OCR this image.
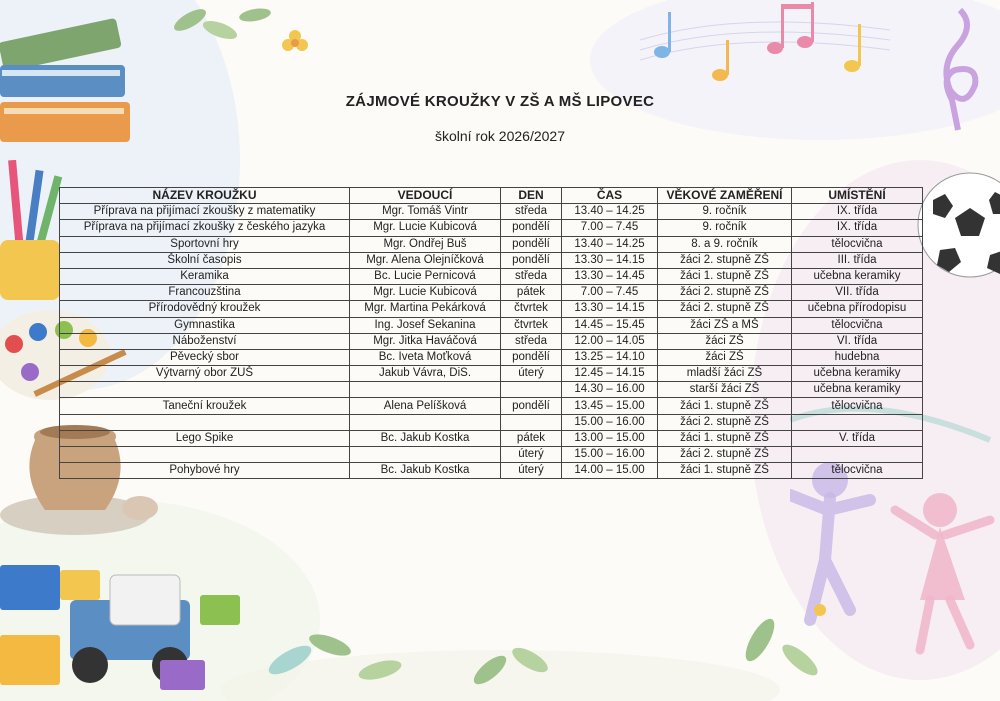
ZÁJMOVÉ KROUŽKY V ZŠ A MŠ LIPOVEC
školní rok 2026/2027
NÁZEV KROUŽKU	VEDOUCÍ	DEN	ČAS	VĚKOVÉ ZAMĚŘENÍ	UMÍSTĚNÍ
Příprava na přijímací zkoušky z matematiky	Mgr. Tomáš Vintr	středa	13.40 – 14.25	9. ročník	IX. třída
Příprava na přijímací zkoušky z českého jazyka	Mgr. Lucie Kubicová	pondělí	7.00 – 7.45	9. ročník	IX. třída
Sportovní hry	Mgr. Ondřej Buš	pondělí	13.40 – 14.25	8. a 9. ročník	tělocvična
Školní časopis	Mgr. Alena Olejníčková	pondělí	13.30 – 14.15	žáci 2. stupně ZŠ	III. třída
Keramika	Bc. Lucie Pernicová	středa	13.30 – 14.45	žáci 1. stupně ZŠ	učebna keramiky
Francouzština	Mgr. Lucie Kubicová	pátek	7.00 – 7.45	žáci 2. stupně ZŠ	VII. třída
Přírodovědný kroužek	Mgr. Martina Pekárková	čtvrtek	13.30 – 14.15	žáci 2. stupně ZŠ	učebna přírodopisu
Gymnastika	Ing. Josef Sekanina	čtvrtek	14.45 – 15.45	žáci ZŠ a MŠ	tělocvična
Náboženství	Mgr. Jitka Haváčová	středa	12.00 – 14.05	žáci ZŠ	VI. třída
Pěvecký sbor	Bc. Iveta Moťková	pondělí	13.25 – 14.10	žáci ZŠ	hudebna
Výtvarný obor ZUŠ	Jakub Vávra, DiS.	úterý	12.45 – 14.15	mladší žáci ZŠ	učebna keramiky
			14.30 – 16.00	starší žáci ZŠ	učebna keramiky
Taneční kroužek	Alena Pelíšková	pondělí	13.45 – 15.00	žáci 1. stupně ZŠ	tělocvična
			15.00 – 16.00	žáci 2. stupně ZŠ	
Lego Spike	Bc. Jakub Kostka	pátek	13.00 – 15.00	žáci 1. stupně ZŠ	V. třída
		úterý	15.00 – 16.00	žáci 2. stupně ZŠ	
Pohybové hry	Bc. Jakub Kostka	úterý	14.00 – 15.00	žáci 1. stupně ZŠ	tělocvična
